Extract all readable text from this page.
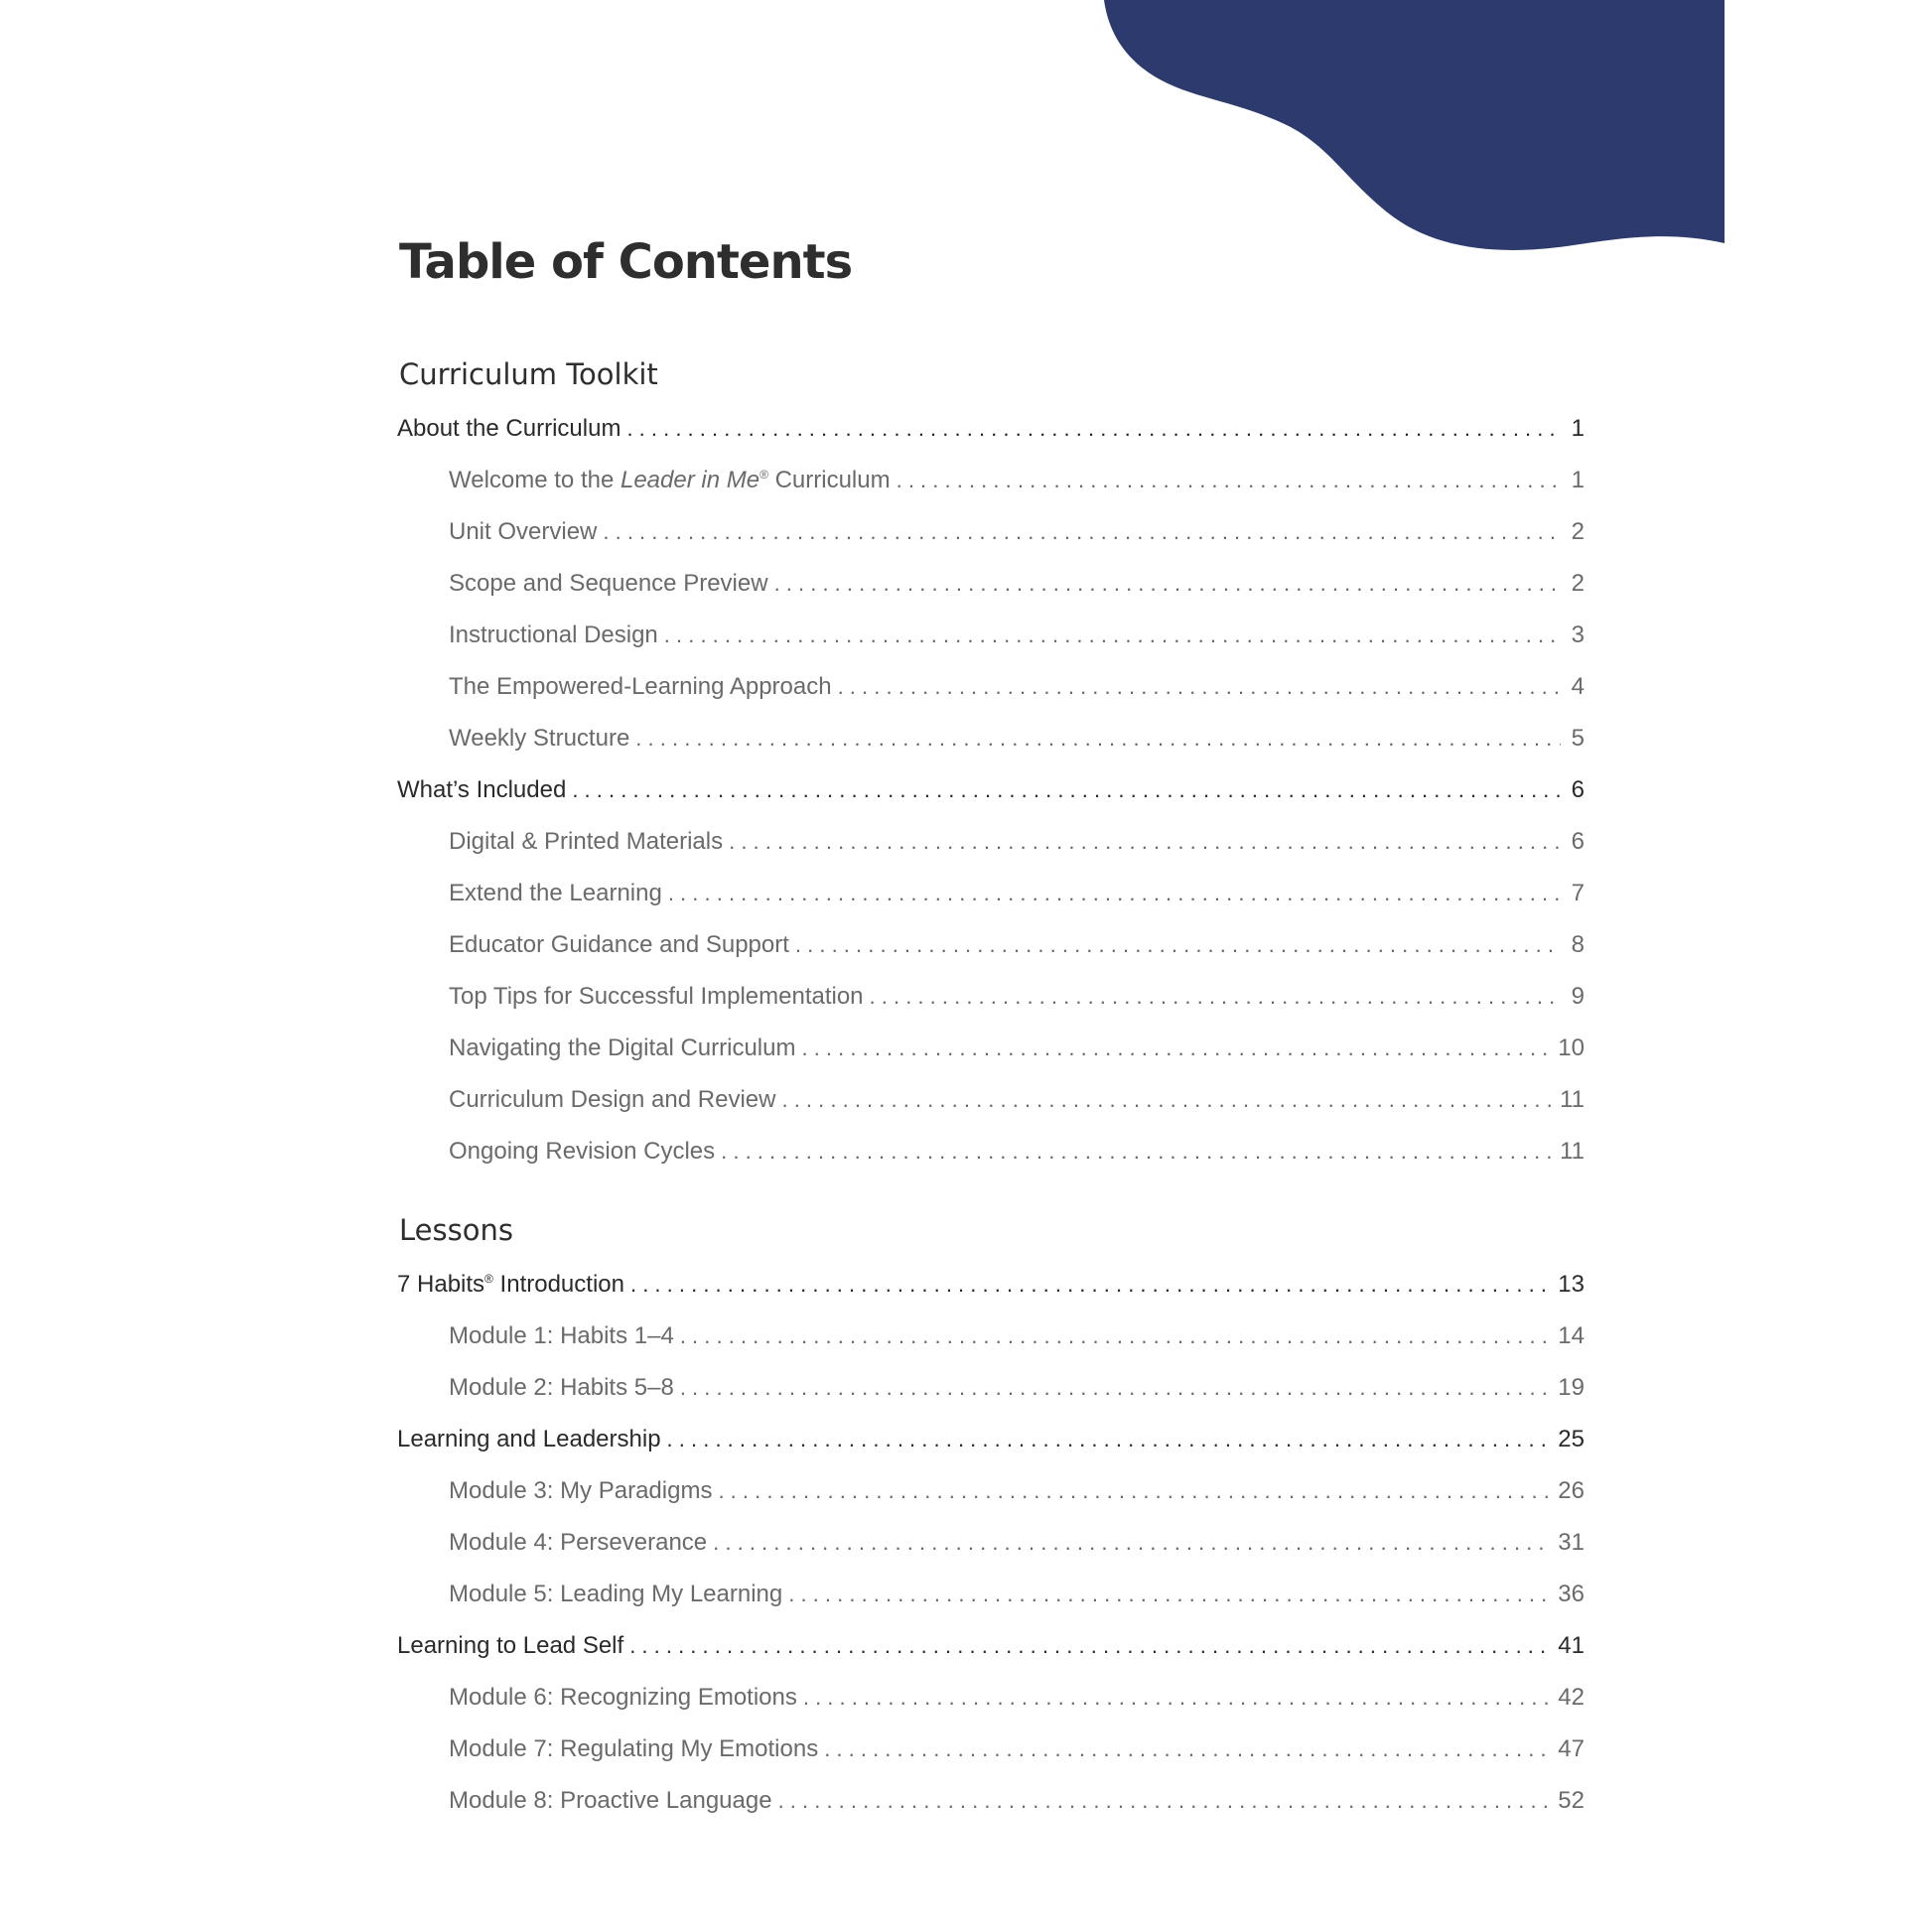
Table of Contents
Curriculum Toolkit
About the Curriculum . . .	1
Welcome to the Leader in Me® Curriculum . . .	1
Unit Overview . . .	2
Scope and Sequence Preview . . .	2
Instructional Design . . .	3
The Empowered-Learning Approach . . .	4
Weekly Structure . . .	5
What’s Included . . .	6
Digital & Printed Materials . . .	6
Extend the Learning . . .	7
Educator Guidance and Support . . .	8
Top Tips for Successful Implementation . . .	9
Navigating the Digital Curriculum . . .	10
Curriculum Design and Review . . .	11
Ongoing Revision Cycles . . .	11
Lessons
7 Habits® Introduction . . .	13
Module 1: Habits 1–4 . . .	14
Module 2: Habits 5–8 . . .	19
Learning and Leadership . . .	25
Module 3: My Paradigms . . .	26
Module 4: Perseverance . . .	31
Module 5: Leading My Learning . . .	36
Learning to Lead Self . . .	41
Module 6: Recognizing Emotions . . .	42
Module 7: Regulating My Emotions . . .	47
Module 8: Proactive Language . . .	52
